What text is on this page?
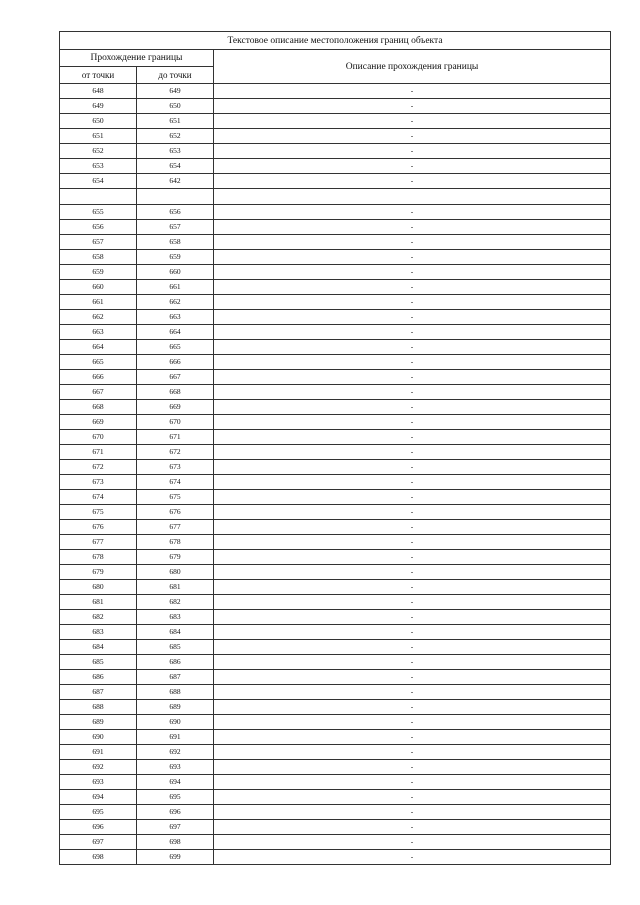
Текстовое описание местоположения границ объекта		
Прохождение границы		Описание прохождения границы
от точки	до точки	
648	649	-
649	650	-
650	651	-
651	652	-
652	653	-
653	654	-
654	642	-

655	656	-
656	657	-
657	658	-
658	659	-
659	660	-
660	661	-
661	662	-
662	663	-
663	664	-
664	665	-
665	666	-
666	667	-
667	668	-
668	669	-
669	670	-
670	671	-
671	672	-
672	673	-
673	674	-
674	675	-
675	676	-
676	677	-
677	678	-
678	679	-
679	680	-
680	681	-
681	682	-
682	683	-
683	684	-
684	685	-
685	686	-
686	687	-
687	688	-
688	689	-
689	690	-
690	691	-
691	692	-
692	693	-
693	694	-
694	695	-
695	696	-
696	697	-
697	698	-
698	699	-
